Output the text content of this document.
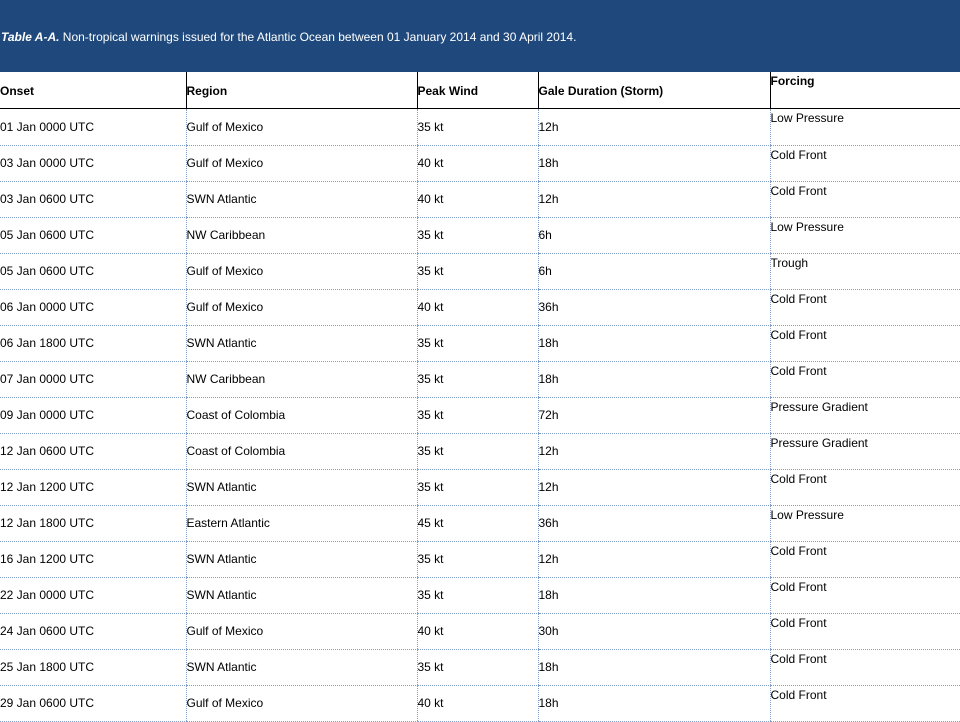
Table A-A. Non-tropical warnings issued for the Atlantic Ocean between 01 January 2014 and 30 April 2014.
Onset	Region	Peak Wind	Gale Duration (Storm)	Forcing
01 Jan 0000 UTC	Gulf of Mexico	35 kt	12h	Low Pressure
03 Jan 0000 UTC	Gulf of Mexico	40 kt	18h	Cold Front
03 Jan 0600 UTC	SWN Atlantic	40 kt	12h	Cold Front
05 Jan 0600 UTC	NW Caribbean	35 kt	6h	Low Pressure
05 Jan 0600 UTC	Gulf of Mexico	35 kt	6h	Trough
06 Jan 0000 UTC	Gulf of Mexico	40 kt	36h	Cold Front
06 Jan 1800 UTC	SWN Atlantic	35 kt	18h	Cold Front
07 Jan 0000 UTC	NW Caribbean	35 kt	18h	Cold Front
09 Jan 0000 UTC	Coast of Colombia	35 kt	72h	Pressure Gradient
12 Jan 0600 UTC	Coast of Colombia	35 kt	12h	Pressure Gradient
12 Jan 1200 UTC	SWN Atlantic	35 kt	12h	Cold Front
12 Jan 1800 UTC	Eastern Atlantic	45 kt	36h	Low Pressure
16 Jan 1200 UTC	SWN Atlantic	35 kt	12h	Cold Front
22 Jan 0000 UTC	SWN Atlantic	35 kt	18h	Cold Front
24 Jan 0600 UTC	Gulf of Mexico	40 kt	30h	Cold Front
25 Jan 1800 UTC	SWN Atlantic	35 kt	18h	Cold Front
29 Jan 0600 UTC	Gulf of Mexico	40 kt	18h	Cold Front
